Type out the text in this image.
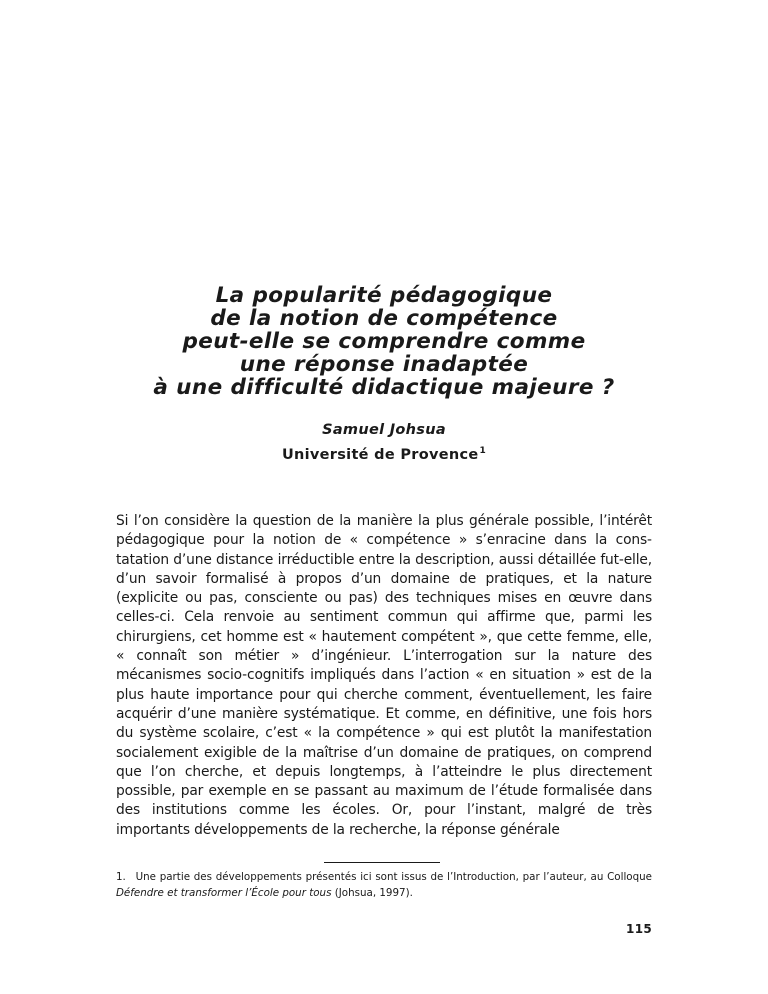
La popularité pédagogique
de la notion de compétence
peut-elle se comprendre comme
une réponse inadaptée
à une difficulté didactique majeure ?
Samuel Johsua
Université de Provence$^1$

Si l’on considère la question de la manière la plus générale possible, l’intérêt pédagogique pour la notion de « compétence » s’enracine dans la constatation d’une distance irréductible entre la description, aussi détaillée fut-elle, d’un savoir formalisé à propos d’un domaine de pratiques, et la nature (explicite ou pas, consciente ou pas) des techniques mises en œuvre dans celles-ci. Cela renvoie au sentiment commun qui affirme que, parmi les chirurgiens, cet homme est « hautement compétent », que cette femme, elle, « connaît son métier » d’ingénieur. L’interrogation sur la nature des mécanismes socio-cognitifs impliqués dans l’action « en situation » est de la plus haute importance pour qui cherche comment, éventuellement, les faire acquérir d’une manière systématique. Et comme, en définitive, une fois hors du système scolaire, c’est « la compétence » qui est plutôt la manifestation socialement exigible de la maîtrise d’un domaine de pratiques, on comprend que l’on cherche, et depuis longtemps, à l’atteindre le plus directement possible, par exemple en se passant au maximum de l’étude formalisée dans des institutions comme les écoles. Or, pour l’instant, malgré de très importants développements de la recherche, la réponse générale

1. Une partie des développements présentés ici sont issus de l’Introduction, par l’auteur, au Colloque Défendre et transformer l’École pour tous (Johsua, 1997).
115
